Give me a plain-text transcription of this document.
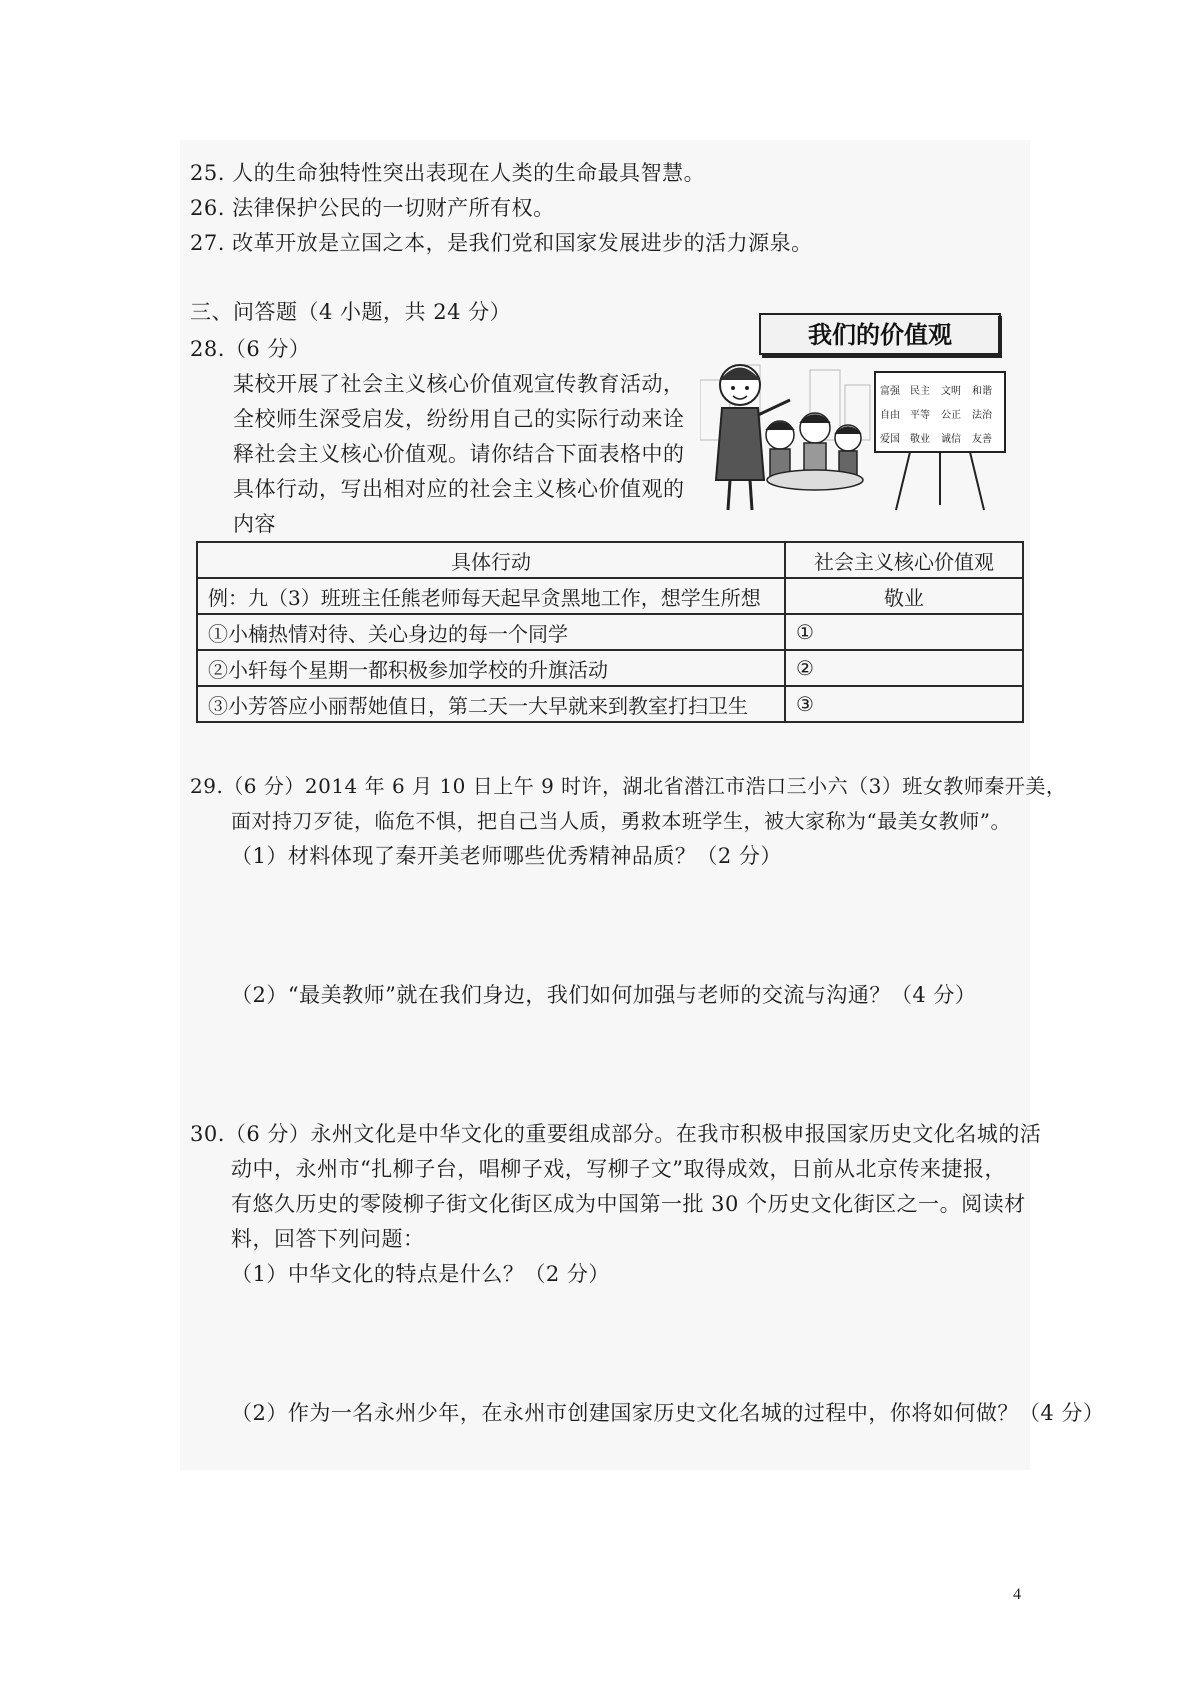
25. 人的生命独特性突出表现在人类的生命最具智慧。
26. 法律保护公民的一切财产所有权。
27. 改革开放是立国之本，是我们党和国家发展进步的活力源泉。
三、问答题（4 小题，共 24 分）
28.（6 分）
某校开展了社会主义核心价值观宣传教育活动，
全校师生深受启发，纷纷用自己的实际行动来诠
释社会主义核心价值观。请你结合下面表格中的
具体行动，写出相对应的社会主义核心价值观的
内容
我们的价值观
富强 民主 文明 和谐
自由 平等 公正 法治
爱国 敬业 诚信 友善
具体行动	社会主义核心价值观
例：九（3）班班主任熊老师每天起早贪黑地工作，想学生所想	敬业
①小楠热情对待、关心身边的每一个同学	①
②小轩每个星期一都积极参加学校的升旗活动	②
③小芳答应小丽帮她值日，第二天一大早就来到教室打扫卫生	③
29.（6 分）2014 年 6 月 10 日上午 9 时许，湖北省潜江市浩口三小六（3）班女教师秦开美，
面对持刀歹徒，临危不惧，把自己当人质，勇救本班学生，被大家称为“最美女教师”。
（1）材料体现了秦开美老师哪些优秀精神品质？（2 分）
（2）“最美教师”就在我们身边，我们如何加强与老师的交流与沟通？（4 分）
30.（6 分）永州文化是中华文化的重要组成部分。在我市积极申报国家历史文化名城的活
动中，永州市“扎柳子台，唱柳子戏，写柳子文”取得成效，日前从北京传来捷报，
有悠久历史的零陵柳子街文化街区成为中国第一批 30 个历史文化街区之一。阅读材
料，回答下列问题：
（1）中华文化的特点是什么？（2 分）
（2）作为一名永州少年，在永州市创建国家历史文化名城的过程中，你将如何做？（4 分）
4
